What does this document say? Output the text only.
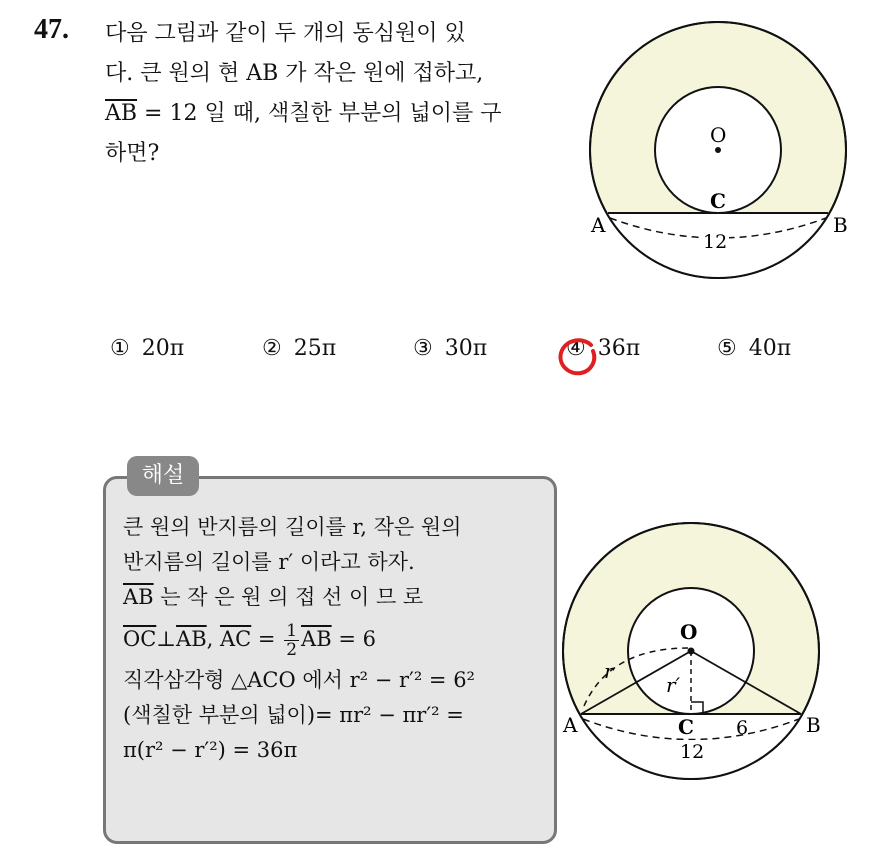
47. 다음 그림과 같이 두 개의 동심원이 있
다. 큰 원의 현 AB 가 작은 원에 접하고,
$\overline{AB} = 12$ 일 때, 색칠한 부분의 넓이를 구
하면?
O
C
A	B
12
① 20π	② 25π	③ 30π	④ 36π	⑤ 40π
해설
큰 원의 반지름의 길이를 r, 작은 원의
반지름의 길이를 r′ 이라고 하자.
$\overline{AB}$ 는 작 은 원 의 접 선 이 므 로
$\overline{OC}\perp\overline{AB}$, $\overline{AC} = \frac{1}{2} \overline{AB} = 6$
직각삼각형 △ACO 에서 r² − r′² = 6²
(색칠한 부분의 넓이)= πr² − πr′² =
π(r² − r′²) = 36π
O
r
r′
C 6
A	B
12
